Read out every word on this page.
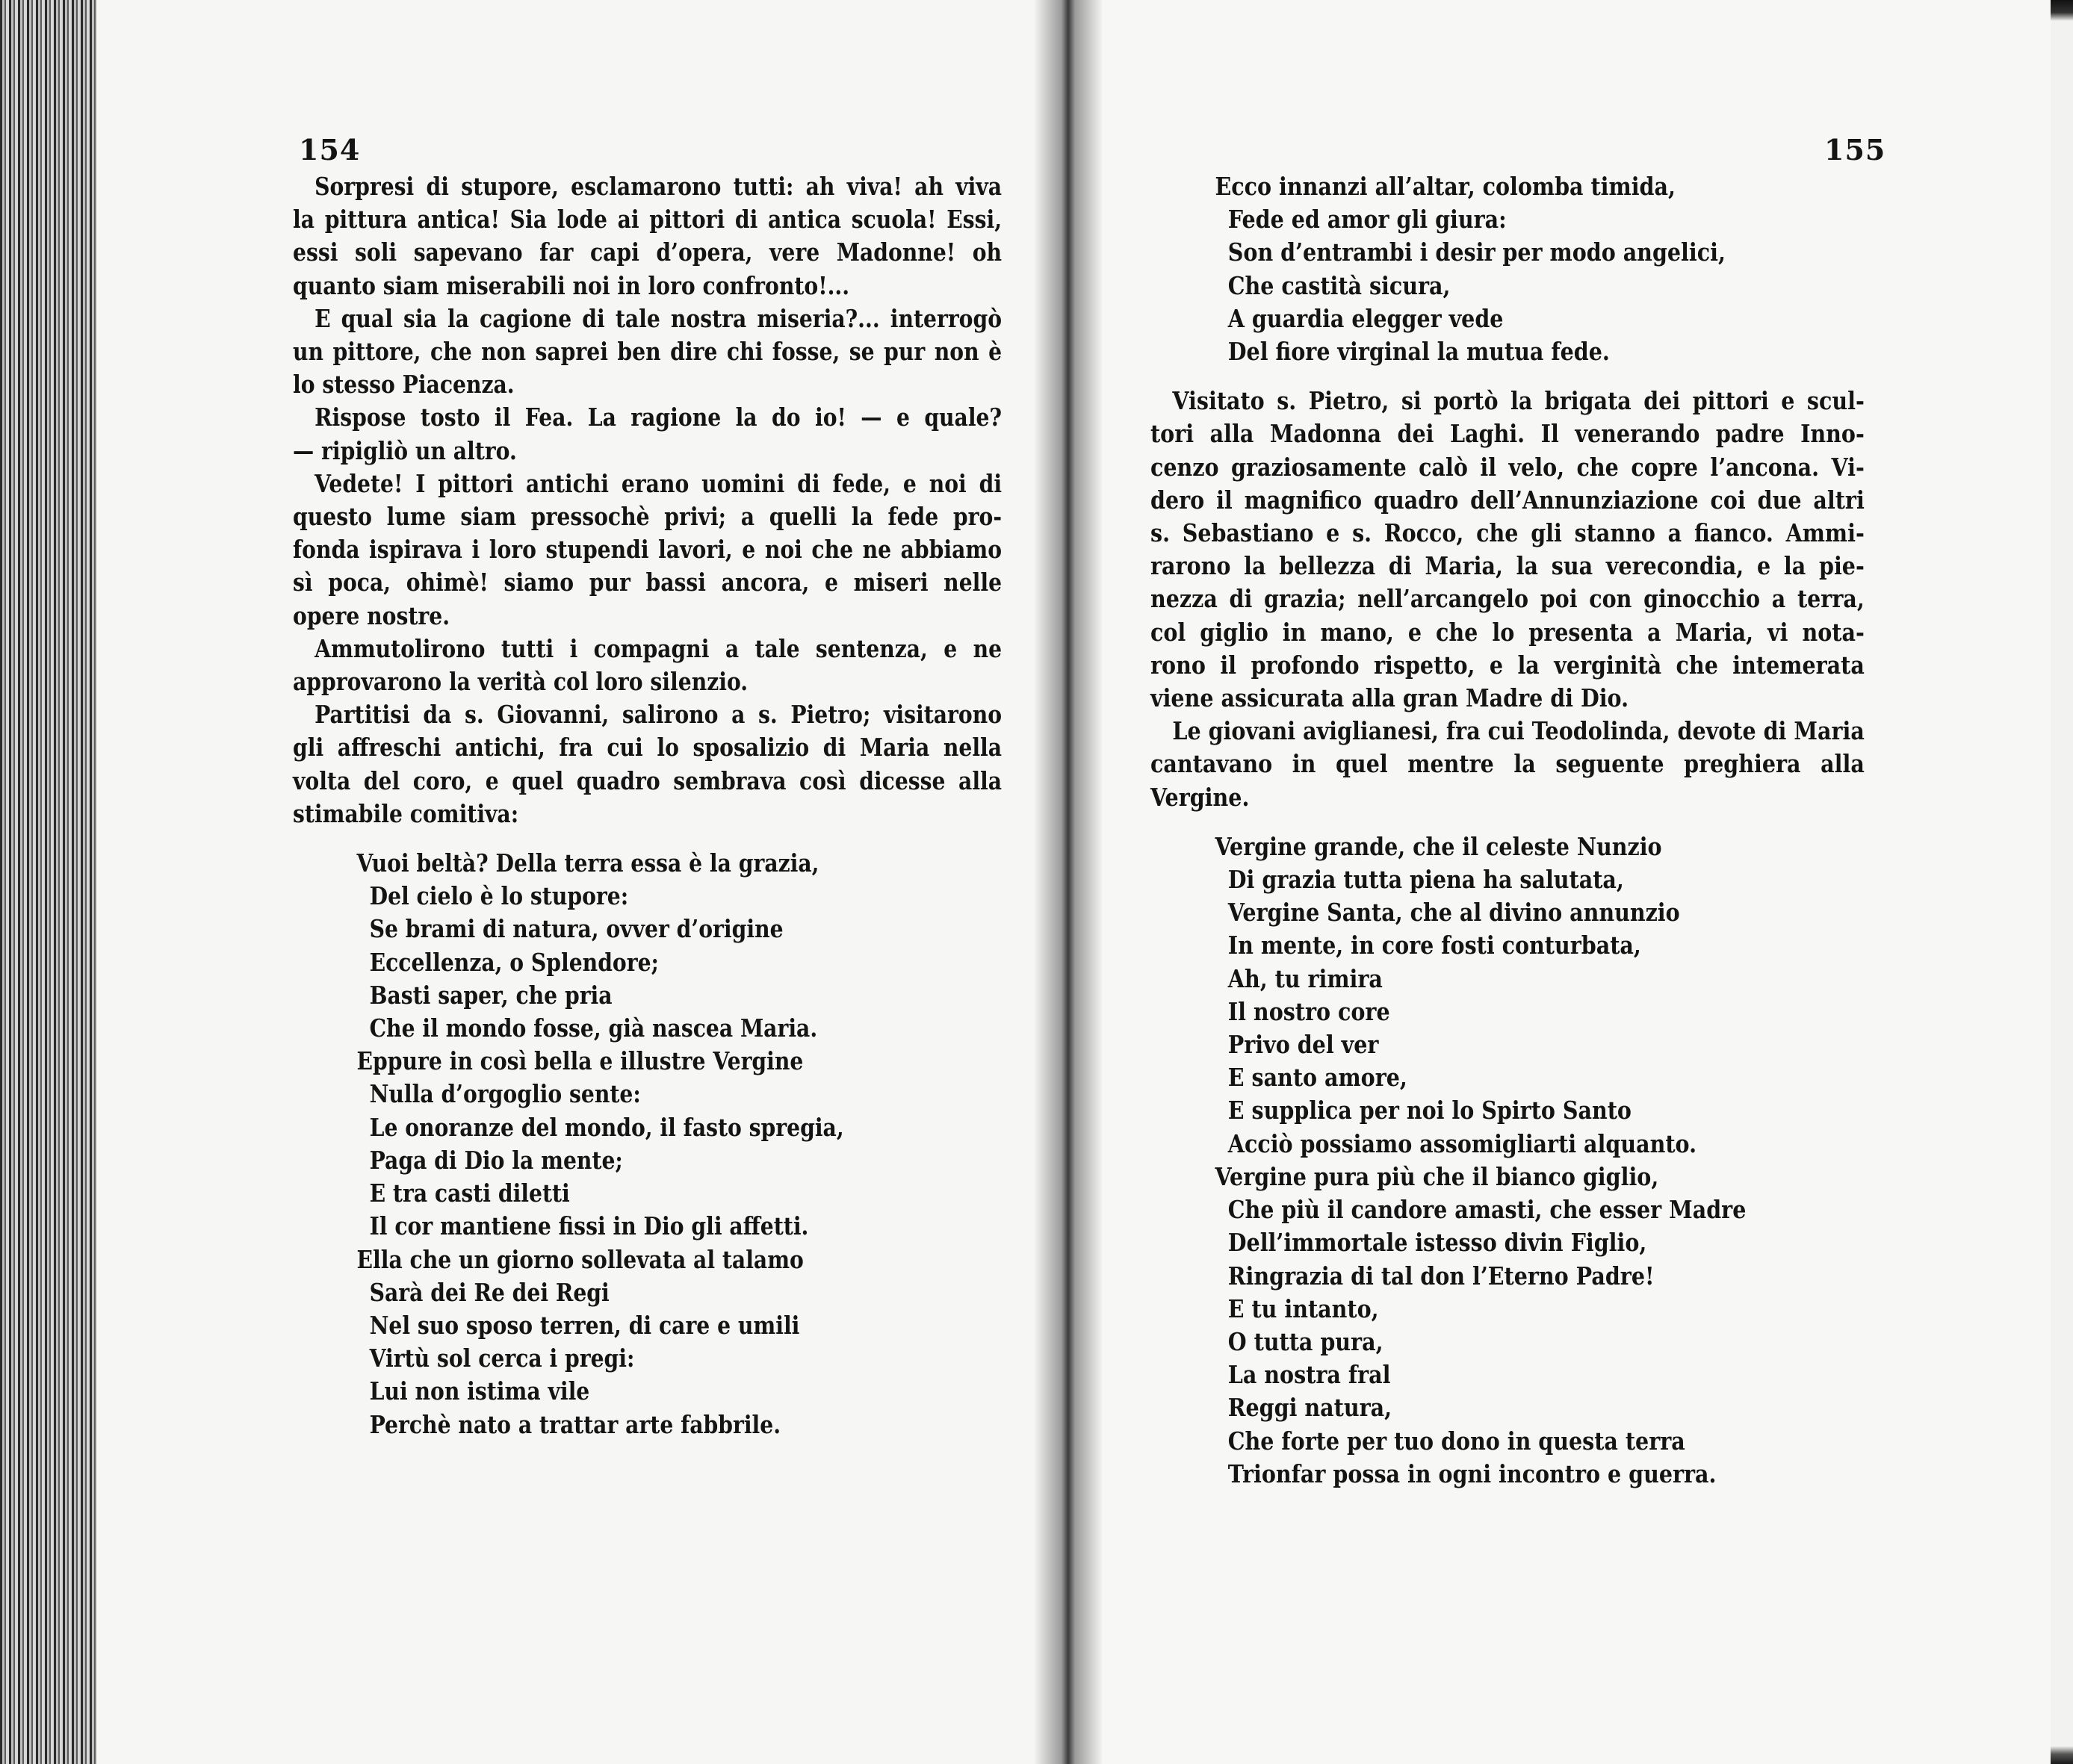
154	155
Sorpresi di stupore, esclamarono tutti: ah viva! ah viva
la pittura antica! Sia lode ai pittori di antica scuola! Essi,
essi soli sapevano far capi d’opera, vere Madonne! oh
quanto siam miserabili noi in loro confronto!...
E qual sia la cagione di tale nostra miseria?... interrogò
un pittore, che non saprei ben dire chi fosse, se pur non è
lo stesso Piacenza.
Rispose tosto il Fea. La ragione la do io! — e quale?
— ripigliò un altro.
Vedete! I pittori antichi erano uomini di fede, e noi di
questo lume siam pressochè privi; a quelli la fede pro-
fonda ispirava i loro stupendi lavori, e noi che ne abbiamo
sì poca, ohimè! siamo pur bassi ancora, e miseri nelle
opere nostre.
Ammutolirono tutti i compagni a tale sentenza, e ne
approvarono la verità col loro silenzio.
Partitisi da s. Giovanni, salirono a s. Pietro; visitarono
gli affreschi antichi, fra cui lo sposalizio di Maria nella
volta del coro, e quel quadro sembrava così dicesse alla
stimabile comitiva:
Vuoi beltà? Della terra essa è la grazia,
Del cielo è lo stupore:
Se brami di natura, ovver d’origine
Eccellenza, o Splendore;
Basti saper, che pria
Che il mondo fosse, già nascea Maria.
Eppure in così bella e illustre Vergine
Nulla d’orgoglio sente:
Le onoranze del mondo, il fasto spregia,
Paga di Dio la mente;
E tra casti diletti
Il cor mantiene fissi in Dio gli affetti.
Ella che un giorno sollevata al talamo
Sarà dei Re dei Regi
Nel suo sposo terren, di care e umili
Virtù sol cerca i pregi:
Lui non istima vile
Perchè nato a trattar arte fabbrile.
Ecco innanzi all’altar, colomba timida,
Fede ed amor gli giura:
Son d’entrambi i desir per modo angelici,
Che castità sicura,
A guardia elegger vede
Del fiore virginal la mutua fede.
Visitato s. Pietro, si portò la brigata dei pittori e scul-
tori alla Madonna dei Laghi. Il venerando padre Inno-
cenzo graziosamente calò il velo, che copre l’ancona. Vi-
dero il magnifico quadro dell’Annunziazione coi due altri
s. Sebastiano e s. Rocco, che gli stanno a fianco. Ammi-
rarono la bellezza di Maria, la sua verecondia, e la pie-
nezza di grazia; nell’arcangelo poi con ginocchio a terra,
col giglio in mano, e che lo presenta a Maria, vi nota-
rono il profondo rispetto, e la verginità che intemerata
viene assicurata alla gran Madre di Dio.
Le giovani aviglianesi, fra cui Teodolinda, devote di Maria
cantavano in quel mentre la seguente preghiera alla Vergine.
Vergine grande, che il celeste Nunzio
Di grazia tutta piena ha salutata,
Vergine Santa, che al divino annunzio
In mente, in core fosti conturbata,
Ah, tu rimira
Il nostro core
Privo del ver
E santo amore,
E supplica per noi lo Spirto Santo
Acciò possiamo assomigliarti alquanto.
Vergine pura più che il bianco giglio,
Che più il candore amasti, che esser Madre
Dell’immortale istesso divin Figlio,
Ringrazia di tal don l’Eterno Padre!
E tu intanto,
O tutta pura,
La nostra fral
Reggi natura,
Che forte per tuo dono in questa terra
Trionfar possa in ogni incontro e guerra.
